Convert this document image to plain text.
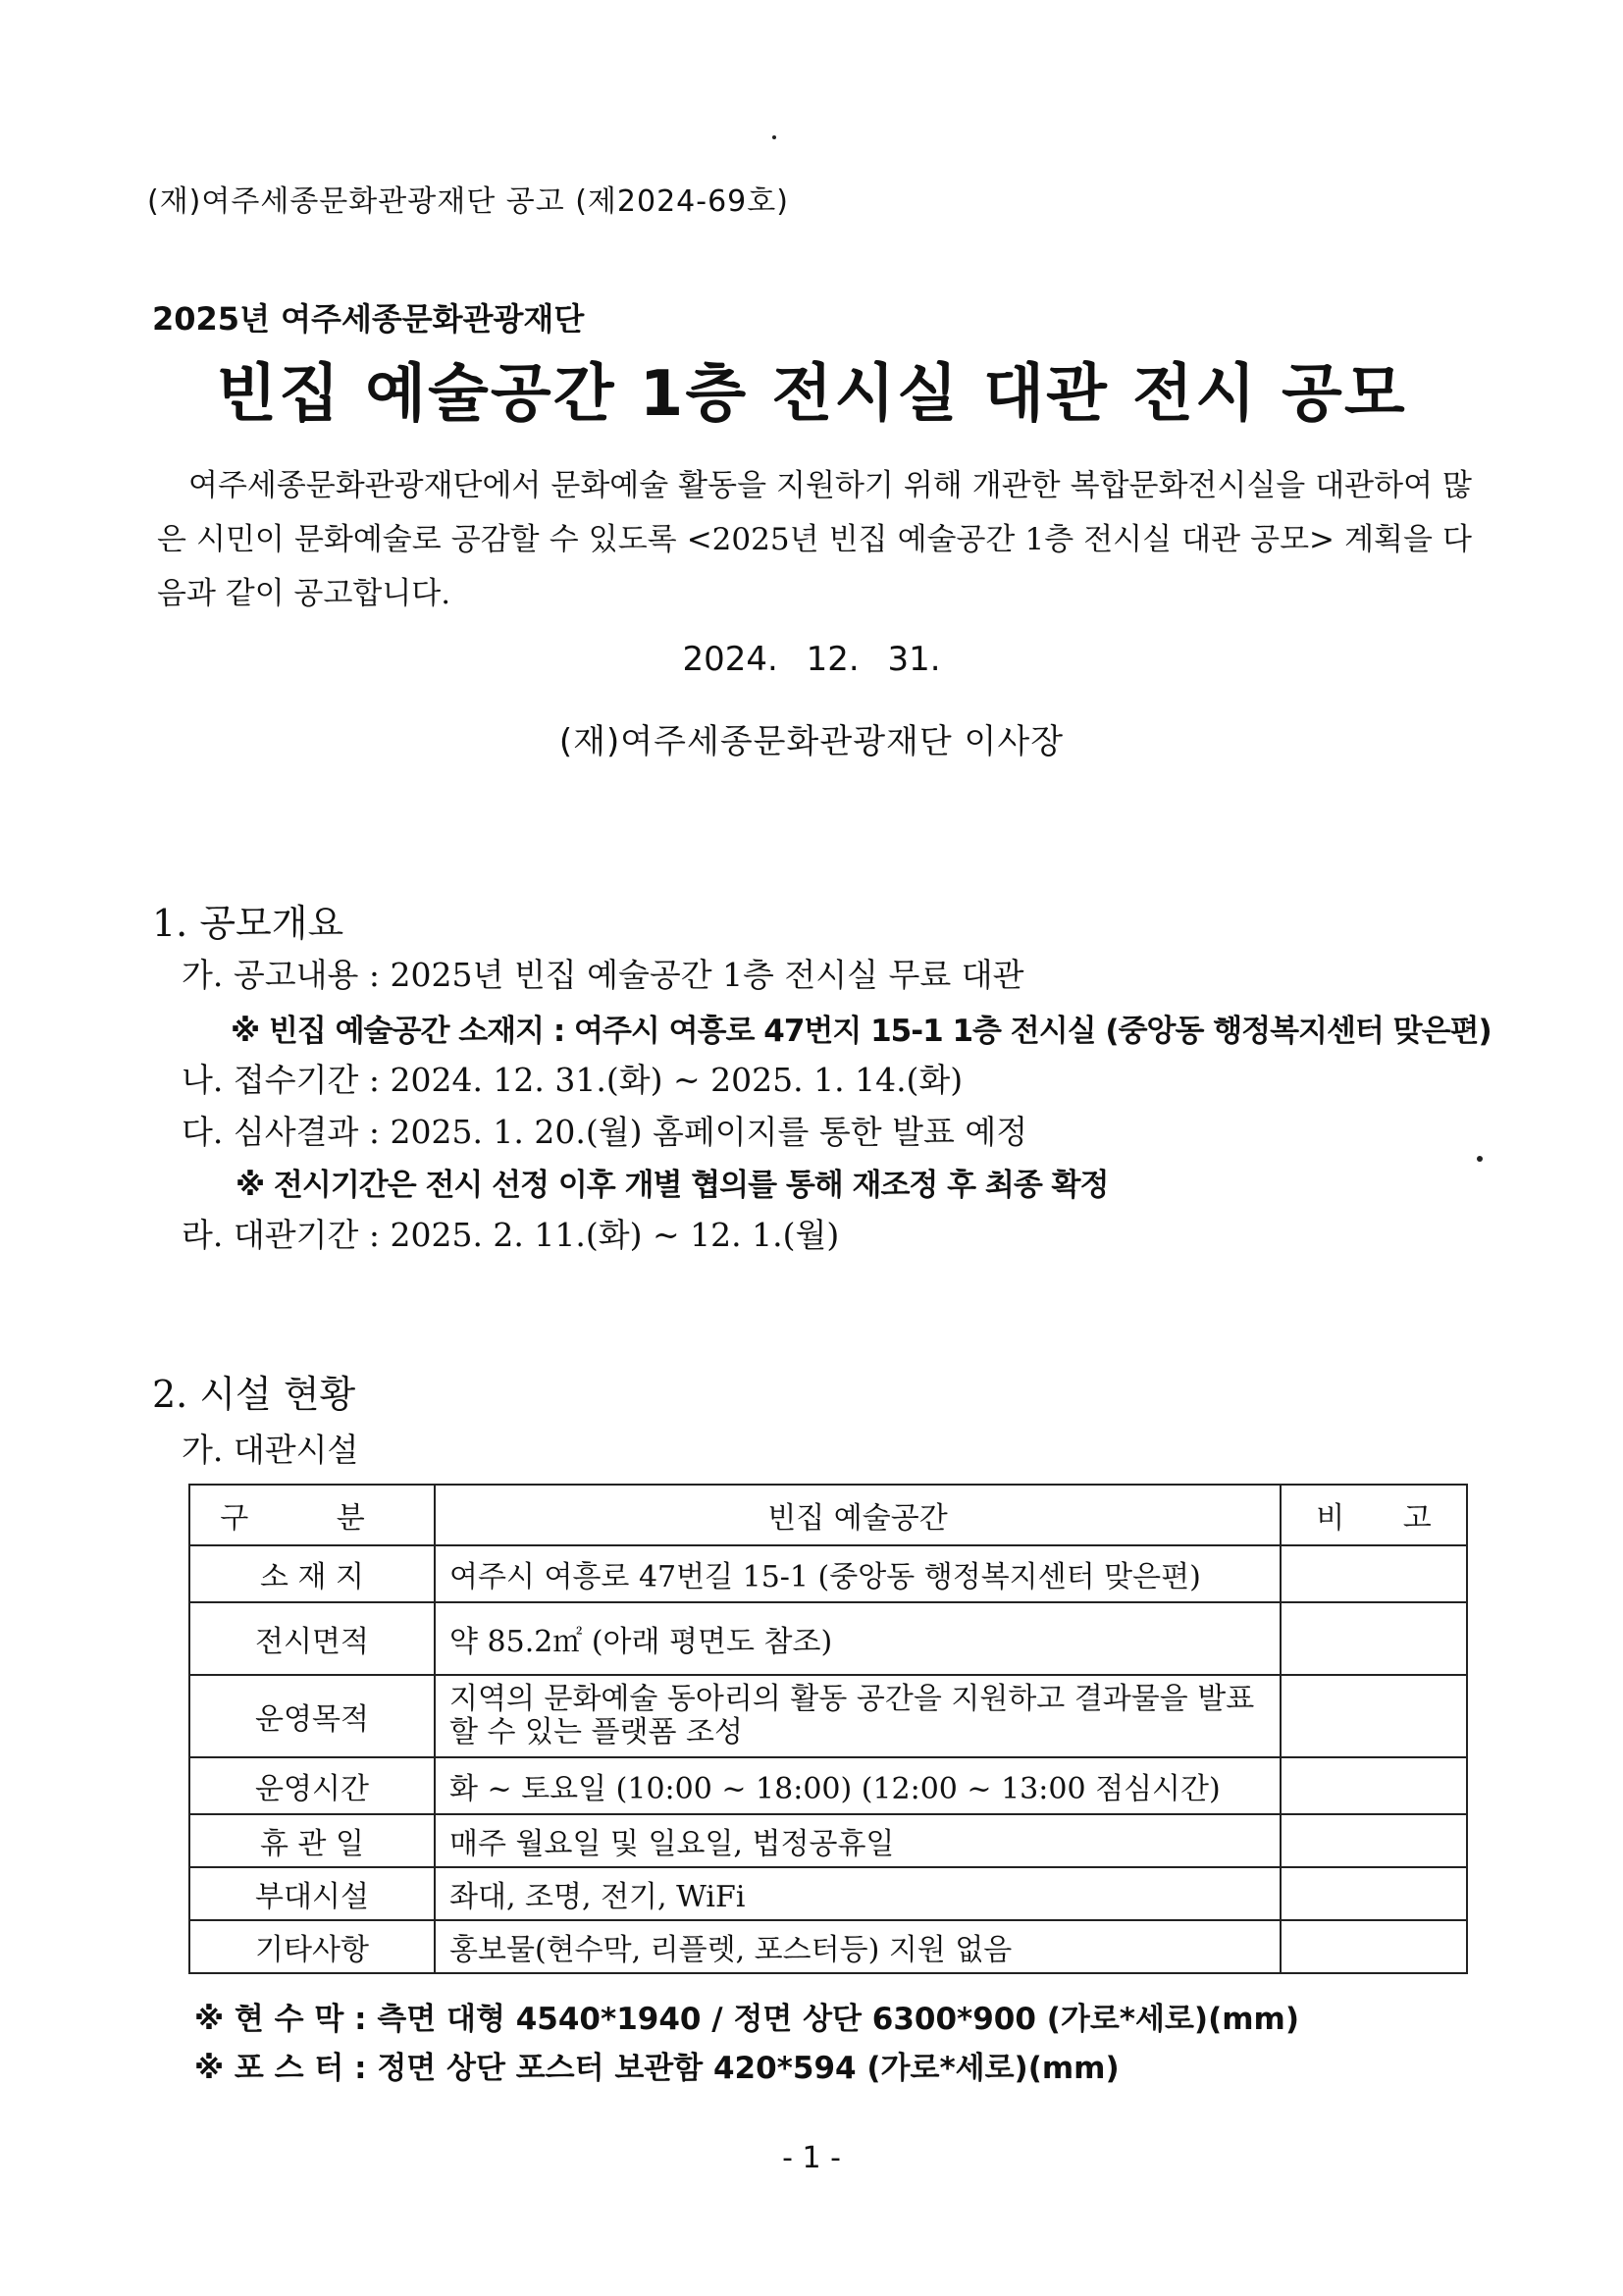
(재)여주세종문화관광재단 공고 (제2024-69호)
2025년 여주세종문화관광재단
빈집 예술공간 1층 전시실 대관 전시 공모
여주세종문화관광재단에서 문화예술 활동을 지원하기 위해 개관한 복합문화전시실을 대관하여 많은 시민이 문화예술로 공감할 수 있도록 <2025년 빈집 예술공간 1층 전시실 대관 공모> 계획을 다음과 같이 공고합니다.
2024. 12. 31.
(재)여주세종문화관광재단 이사장
1. 공모개요
가. 공고내용 : 2025년 빈집 예술공간 1층 전시실 무료 대관
※ 빈집 예술공간 소재지 : 여주시 여흥로 47번지 15-1 1층 전시실 (중앙동 행정복지센터 맞은편)
나. 접수기간 : 2024. 12. 31.(화) ~ 2025. 1. 14.(화)
다. 심사결과 : 2025. 1. 20.(월) 홈페이지를 통한 발표 예정
※ 전시기간은 전시 선정 이후 개별 협의를 통해 재조정 후 최종 확정
라. 대관기간 : 2025. 2. 11.(화) ~ 12. 1.(월)
2. 시설 현황
가. 대관시설
구 분	빈집 예술공간	비 고
소 재 지	여주시 여흥로 47번길 15-1 (중앙동 행정복지센터 맞은편)	
전시면적	약 85.2㎡ (아래 평면도 참조)	
운영목적	지역의 문화예술 동아리의 활동 공간을 지원하고 결과물을 발표할 수 있는 플랫폼 조성	
운영시간	화 ~ 토요일 (10:00 ~ 18:00) (12:00 ~ 13:00 점심시간)	
휴 관 일	매주 월요일 및 일요일, 법정공휴일	
부대시설	좌대, 조명, 전기, WiFi	
기타사항	홍보물(현수막, 리플렛, 포스터등) 지원 없음	
※ 현 수 막 : 측면 대형 4540*1940 / 정면 상단 6300*900 (가로*세로)(mm)
※ 포 스 터 : 정면 상단 포스터 보관함 420*594 (가로*세로)(mm)
- 1 -
